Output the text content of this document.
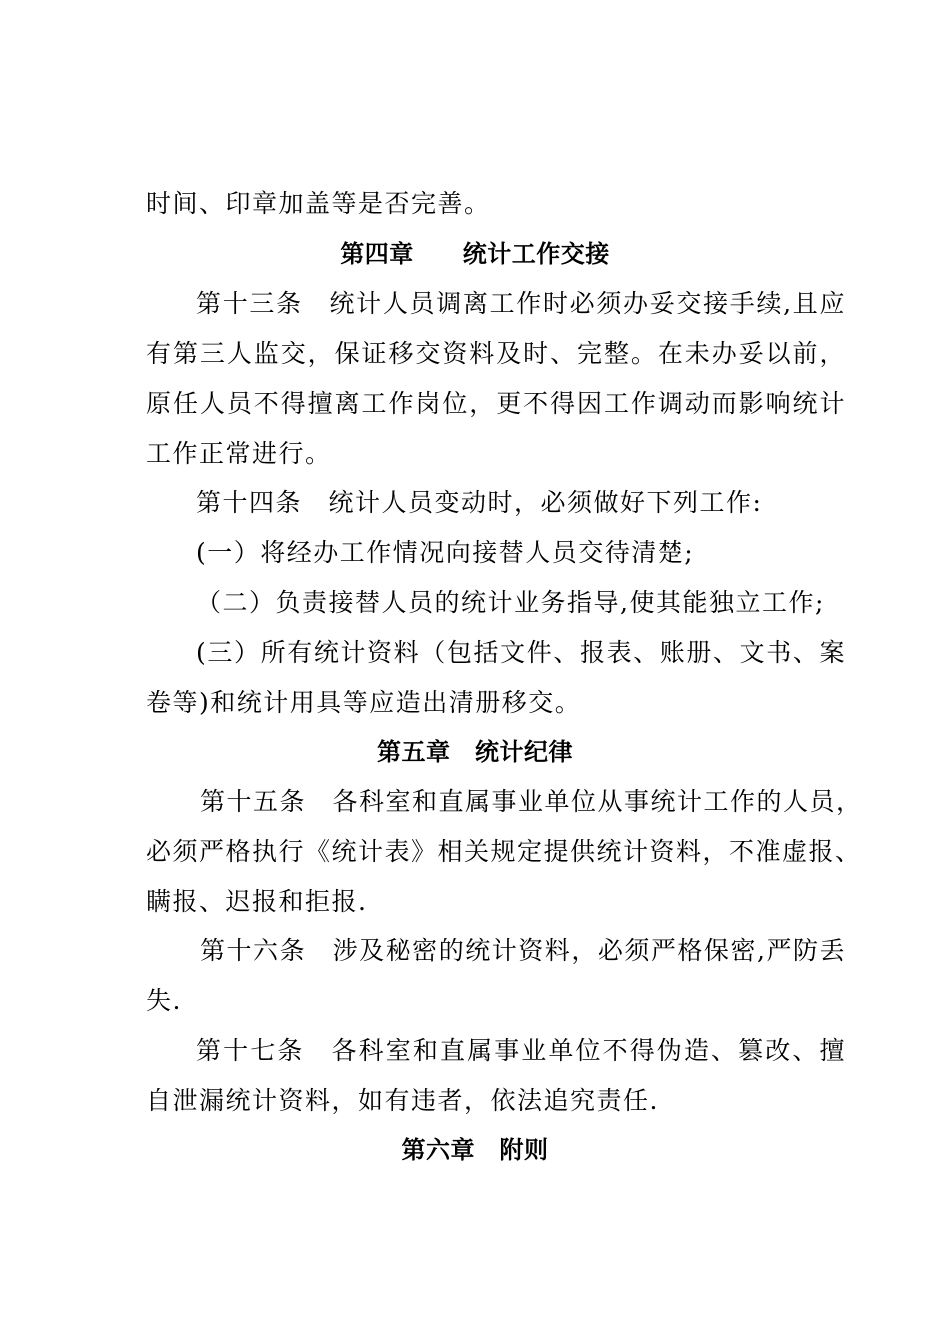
时间、印章加盖等是否完善。
第四章　　统计工作交接
第十三条　统计人员调离工作时必须办妥交接手续,且应
有第三人监交，保证移交资料及时、完整。在未办妥以前，
原任人员不得擅离工作岗位，更不得因工作调动而影响统计
工作正常进行。
第十四条　统计人员变动时，必须做好下列工作:
(一）将经办工作情况向接替人员交待清楚;
（二）负责接替人员的统计业务指导,使其能独立工作;
(三）所有统计资料（包括文件、报表、账册、文书、案
卷等)和统计用具等应造出清册移交。
第五章　统计纪律
第十五条　各科室和直属事业单位从事统计工作的人员，
必须严格执行《统计表》相关规定提供统计资料，不准虚报、
瞒报、迟报和拒报.
第十六条　涉及秘密的统计资料，必须严格保密,严防丢
失.
第十七条　各科室和直属事业单位不得伪造、篡改、擅
自泄漏统计资料，如有违者，依法追究责任.
第六章　附则
